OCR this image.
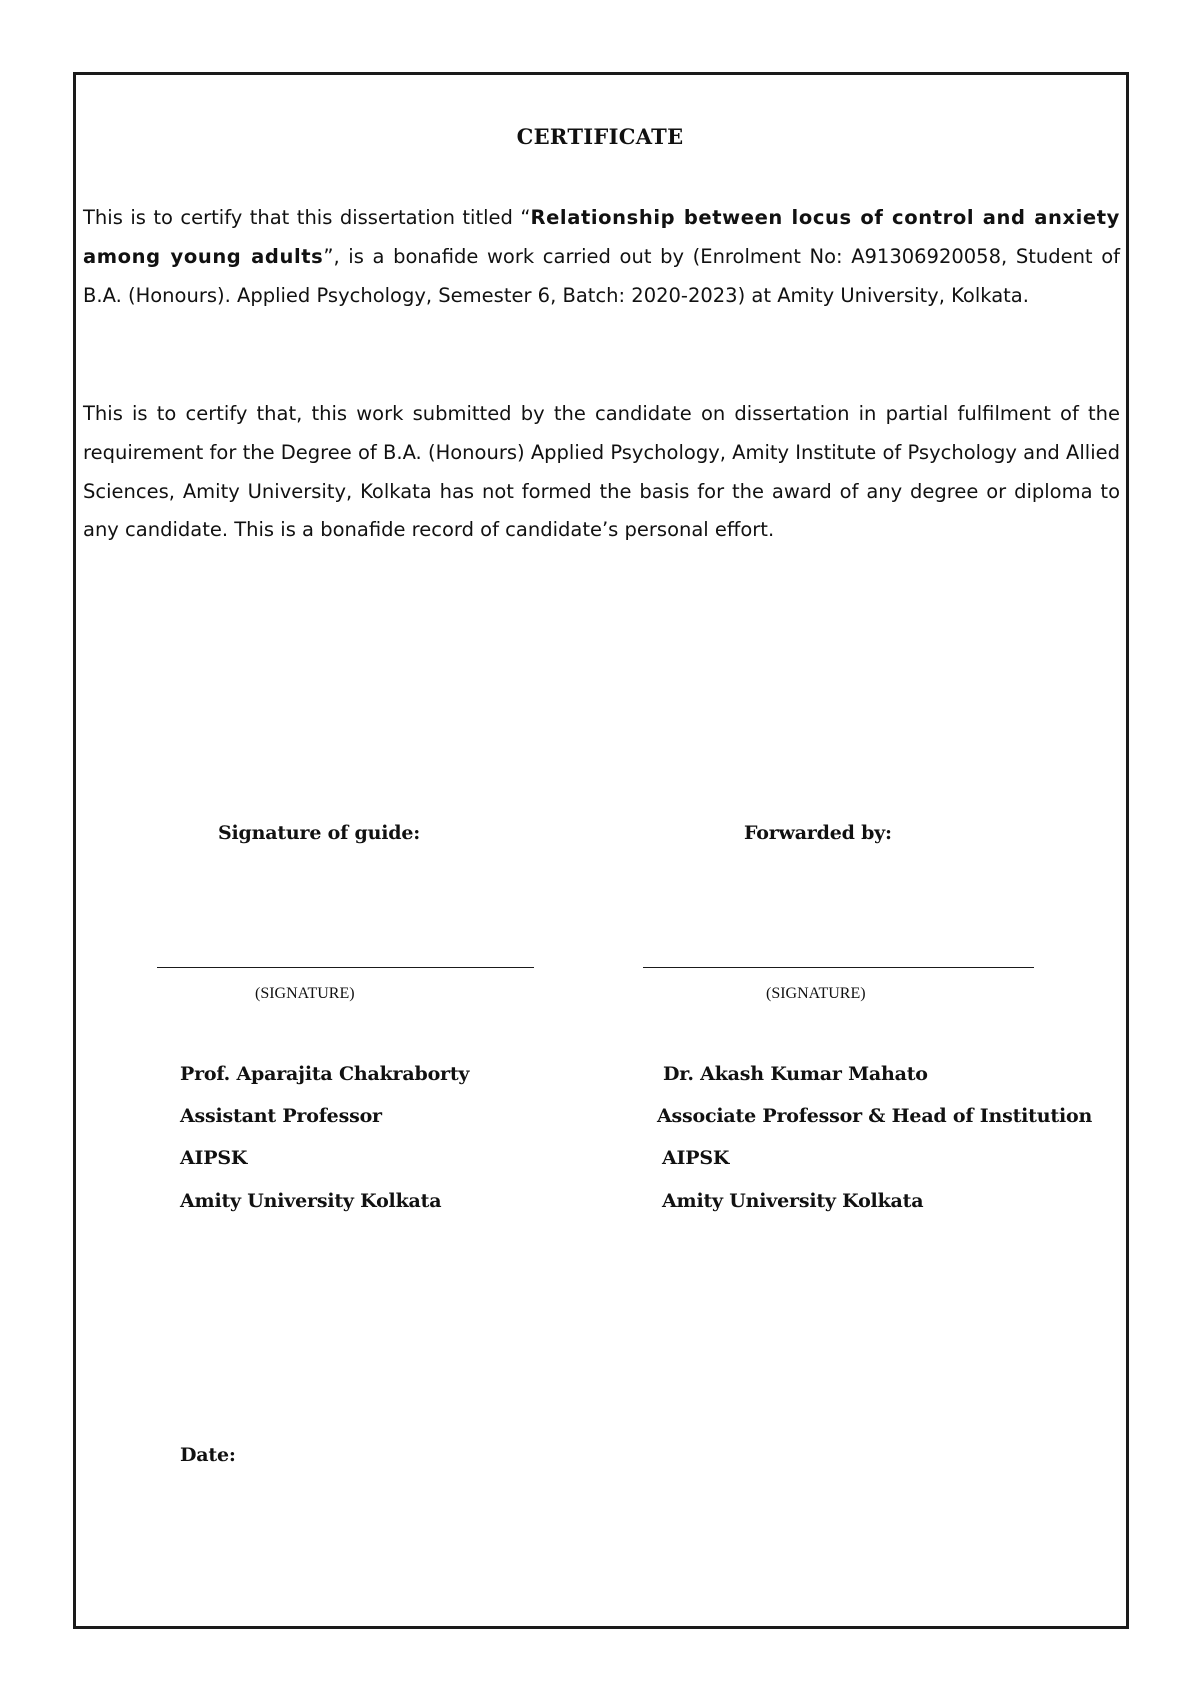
CERTIFICATE

This is to certify that this dissertation titled “Relationship between locus of control and anxiety among young adults”, is a bonafide work carried out by (Enrolment No: A91306920058, Student of B.A. (Honours). Applied Psychology, Semester 6, Batch: 2020-2023) at Amity University, Kolkata.

This is to certify that, this work submitted by the candidate on dissertation in partial fulfilment of the requirement for the Degree of B.A. (Honours) Applied Psychology, Amity Institute of Psychology and Allied Sciences, Amity University, Kolkata has not formed the basis for the award of any degree or diploma to any candidate. This is a bonafide record of candidate’s personal effort.

Signature of guide:
(SIGNATURE)
Prof. Aparajita Chakraborty
Assistant Professor
AIPSK
Amity University Kolkata
Forwarded by:
(SIGNATURE)
Dr. Akash Kumar Mahato
Associate Professor & Head of Institution
AIPSK
Amity University Kolkata
Date:
